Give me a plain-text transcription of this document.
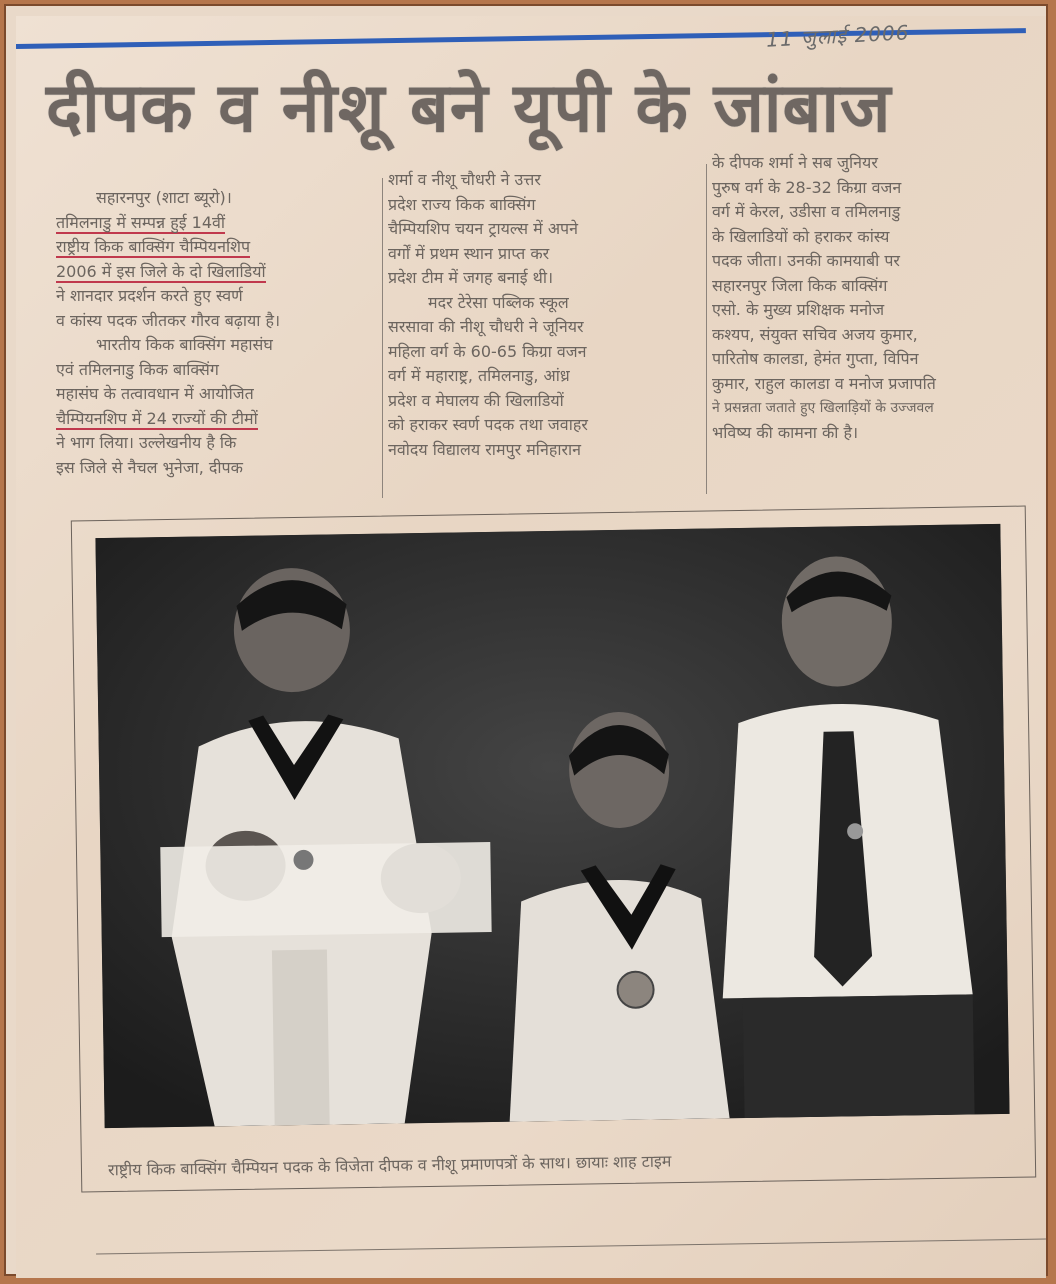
11 जुलाई 2006
दीपक व नीशू बने यूपी के जांबाज

सहारनपुर (शाटा ब्यूरो)।

तमिलनाडु में सम्पन्न हुई 14वीं

राष्ट्रीय किक बाक्सिंग चैम्पियनशिप

2006 में इस जिले के दो खिलाडियों

ने शानदार प्रदर्शन करते हुए स्वर्ण

व कांस्य पदक जीतकर गौरव बढ़ाया है।

भारतीय किक बाक्सिंग महासंघ

एवं तमिलनाडु किक बाक्सिंग

महासंघ के तत्वावधान में आयोजित

चैम्पियनशिप में 24 राज्यों की टीमों

ने भाग लिया। उल्लेखनीय है कि

इस जिले से नैचल भुनेजा, दीपक

शर्मा व नीशू चौधरी ने उत्तर

प्रदेश राज्य किक बाक्सिंग

चैम्पियशिप चयन ट्रायल्स में अपने

वर्गों में प्रथम स्थान प्राप्त कर

प्रदेश टीम में जगह बनाई थी।

मदर टेरेसा पब्लिक स्कूल

सरसावा की नीशू चौधरी ने जूनियर

महिला वर्ग के 60-65 किग्रा वजन

वर्ग में महाराष्ट्र, तमिलनाडु, आंध्र

प्रदेश व मेघालय की खिलाडियों

को हराकर स्वर्ण पदक तथा जवाहर

नवोदय विद्यालय रामपुर मनिहारान

के दीपक शर्मा ने सब जुनियर

पुरुष वर्ग के 28-32 किग्रा वजन

वर्ग में केरल, उडीसा व तमिलनाडु

के खिलाडियों को हराकर कांस्य

पदक जीता। उनकी कामयाबी पर

सहारनपुर जिला किक बाक्सिंग

एसो. के मुख्य प्रशिक्षक मनोज

कश्यप, संयुक्त सचिव अजय कुमार,

पारितोष कालडा, हेमंत गुप्ता, विपिन

कुमार, राहुल कालडा व मनोज प्रजापति

ने प्रसन्नता जताते हुए खिलाड़ियों के उज्जवल

भविष्य की कामना की है।

राष्ट्रीय किक बाक्सिंग चैम्पियन पदक के विजेता दीपक व नीशू प्रमाणपत्रों के साथ। छायाः शाह टाइम
